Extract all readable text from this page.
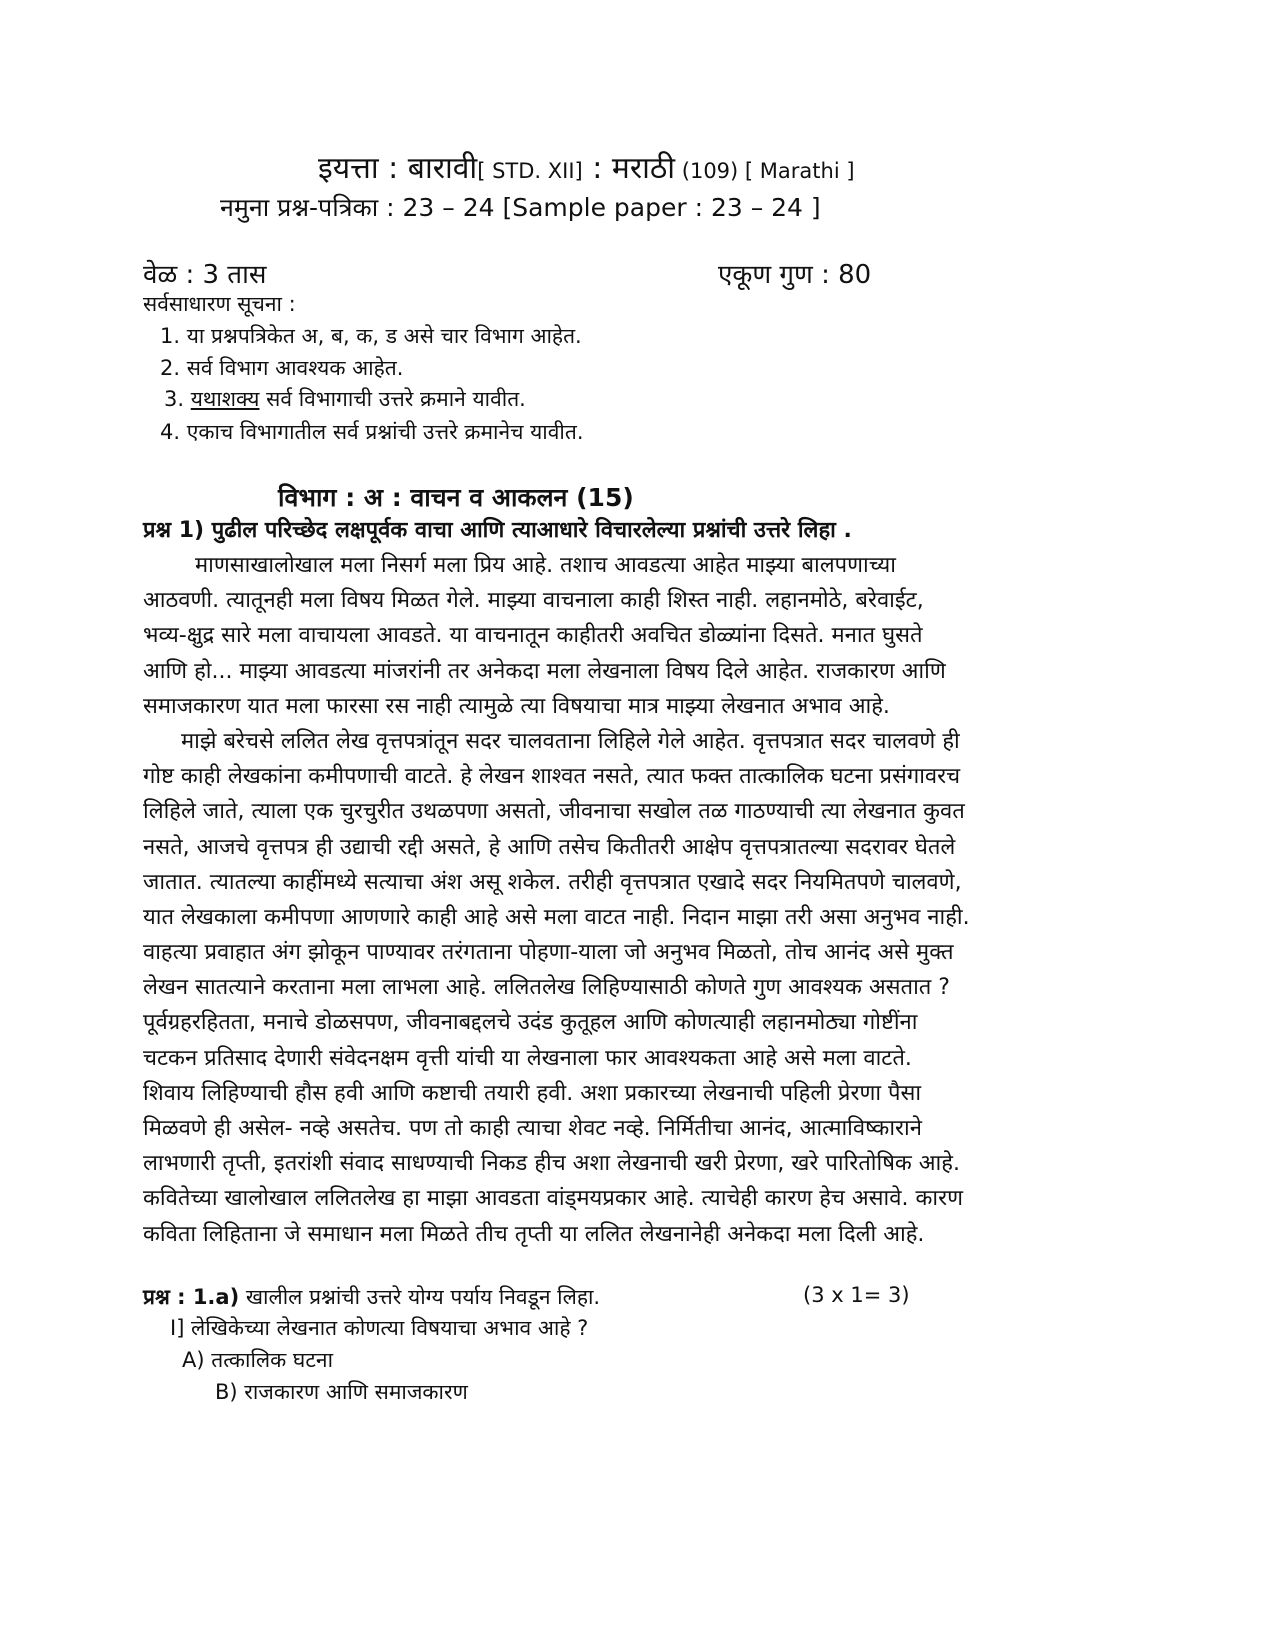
इयत्ता : बारावी[ STD. XII] : मराठी (109) [ Marathi ]
नमुना प्रश्न-पत्रिका : 23 – 24 [Sample paper : 23 – 24 ]
वेळ : 3 तास	एकूण गुण : 80
सर्वसाधारण सूचना :
1. या प्रश्नपत्रिकेत अ, ब, क, ड असे चार विभाग आहेत.
2. सर्व विभाग आवश्यक आहेत.
3. यथाशक्य सर्व विभागाची उत्तरे क्रमाने यावीत.
4. एकाच विभागातील सर्व प्रश्नांची उत्तरे क्रमानेच यावीत.
विभाग : अ : वाचन व आकलन (15)
प्रश्न 1) पुढील परिच्छेद लक्षपूर्वक वाचा आणि त्याआधारे विचारलेल्या प्रश्नांची उत्तरे लिहा .
माणसाखालोखाल मला निसर्ग मला प्रिय आहे. तशाच आवडत्या आहेत माझ्या बालपणाच्या
आठवणी. त्यातूनही मला विषय मिळत गेले. माझ्या वाचनाला काही शिस्त नाही. लहानमोठे, बरेवाईट,
भव्य-क्षुद्र सारे मला वाचायला आवडते. या वाचनातून काहीतरी अवचित डोळ्यांना दिसते. मनात घुसते
आणि हो... माझ्या आवडत्या मांजरांनी तर अनेकदा मला लेखनाला विषय दिले आहेत. राजकारण आणि
समाजकारण यात मला फारसा रस नाही त्यामुळे त्या विषयाचा मात्र माझ्या लेखनात अभाव आहे.
माझे बरेचसे ललित लेख वृत्तपत्रांतून सदर चालवताना लिहिले गेले आहेत. वृत्तपत्रात सदर चालवणे ही
गोष्ट काही लेखकांना कमीपणाची वाटते. हे लेखन शाश्वत नसते, त्यात फक्त तात्कालिक घटना प्रसंगावरच
लिहिले जाते, त्याला एक चुरचुरीत उथळपणा असतो, जीवनाचा सखोल तळ गाठण्याची त्या लेखनात कुवत
नसते, आजचे वृत्तपत्र ही उद्याची रद्दी असते, हे आणि तसेच कितीतरी आक्षेप वृत्तपत्रातल्या सदरावर घेतले
जातात. त्यातल्या काहींमध्ये सत्याचा अंश असू शकेल. तरीही वृत्तपत्रात एखादे सदर नियमितपणे चालवणे,
यात लेखकाला कमीपणा आणणारे काही आहे असे मला वाटत नाही. निदान माझा तरी असा अनुभव नाही.
वाहत्या प्रवाहात अंग झोकून पाण्यावर तरंगताना पोहणा-याला जो अनुभव मिळतो, तोच आनंद असे मुक्त
लेखन सातत्याने करताना मला लाभला आहे. ललितलेख लिहिण्यासाठी कोणते गुण आवश्यक असतात ?
पूर्वग्रहरहितता, मनाचे डोळसपण, जीवनाबद्दलचे उदंड कुतूहल आणि कोणत्याही लहानमोठ्या गोष्टींना
चटकन प्रतिसाद देणारी संवेदनक्षम वृत्ती यांची या लेखनाला फार आवश्यकता आहे असे मला वाटते.
शिवाय लिहिण्याची हौस हवी आणि कष्टाची तयारी हवी. अशा प्रकारच्या लेखनाची पहिली प्रेरणा पैसा
मिळवणे ही असेल- नव्हे असतेच. पण तो काही त्याचा शेवट नव्हे. निर्मितीचा आनंद, आत्माविष्काराने
लाभणारी तृप्ती, इतरांशी संवाद साधण्याची निकड हीच अशा लेखनाची खरी प्रेरणा, खरे पारितोषिक आहे.
कवितेच्या खालोखाल ललितलेख हा माझा आवडता वांड्मयप्रकार आहे. त्याचेही कारण हेच असावे. कारण
कविता लिहिताना जे समाधान मला मिळते तीच तृप्ती या ललित लेखनानेही अनेकदा मला दिली आहे.
प्रश्न : 1.a) खालील प्रश्नांची उत्तरे योग्य पर्याय निवडून लिहा.	(3 x 1= 3)
I] लेखिकेच्या लेखनात कोणत्या विषयाचा अभाव आहे ?
A) तत्कालिक घटना
B) राजकारण आणि समाजकारण
